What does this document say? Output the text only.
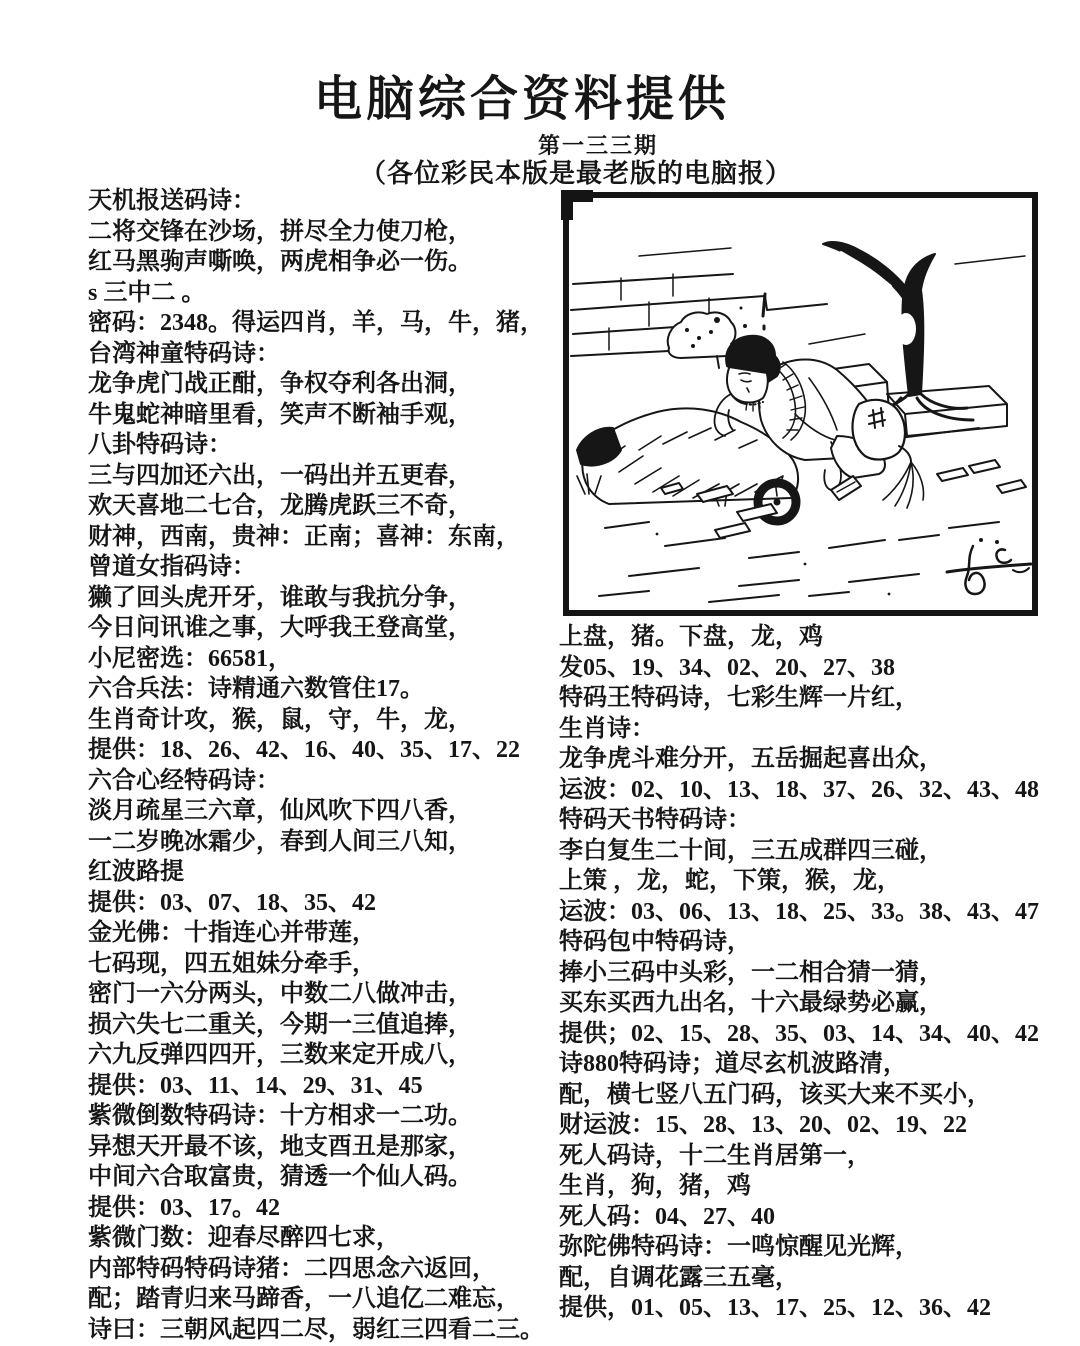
电脑综合资料提供
第一三三期
（各位彩民本版是最老版的电脑报）
天机报送码诗：
二将交锋在沙场，拼尽全力使刀枪，
红马黑驹声嘶唤，两虎相争必一伤。
s 三中二 。
密码：2348。得运四肖，羊，马，牛，猪，
台湾神童特码诗：
龙争虎门战正酣，争权夺利各出洞，
牛鬼蛇神暗里看，笑声不断袖手观，
八卦特码诗：
三与四加还六出，一码出并五更春，
欢天喜地二七合，龙腾虎跃三不奇，
财神，西南，贵神：正南；喜神：东南，
曾道女指码诗：
獭了回头虎开牙，谁敢与我抗分争，
今日问讯谁之事，大呼我王登高堂，
小尼密选：66581，
六合兵法：诗精通六数管住17。
生肖奇计攻，猴，鼠，守，牛，龙，
提供：18、26、42、16、40、35、17、22
六合心经特码诗：
淡月疏星三六章，仙风吹下四八香，
一二岁晚冰霜少，春到人间三八知，
红波路提
提供：03、07、18、35、42
金光佛：十指连心并带莲，
七码现，四五姐妹分牵手，
密门一六分两头，中数二八做冲击，
损六失七二重关，今期一三值追捧，
六九反弹四四开，三数来定开成八，
提供：03、11、14、29、31、45
紫微倒数特码诗：十方相求一二功。
异想天开最不该，地支酉丑是那家，
中间六合取富贵，猜透一个仙人码。
提供：03、17。42
紫微门数：迎春尽醉四七求，
内部特码特码诗猪：二四思念六返回，
配；踏青归来马蹄香，一八追亿二难忘，
诗曰：三朝风起四二尽，弱红三四看二三。
上盘，猪。下盘，龙，鸡
发05、19、34、02、20、27、38
特码王特码诗，七彩生辉一片红，
生肖诗：
龙争虎斗难分开，五岳掘起喜出众，
运波：02、10、13、18、37、26、32、43、48
特码天书特码诗：
李白复生二十间，三五成群四三碰，
上策 ，龙，蛇，下策，猴，龙，
运波：03、06、13、18、25、33。38、43、47
特码包中特码诗，
捧小三码中头彩，一二相合猜一猜，
买东买西九出名，十六最绿势必赢，
提供；02、15、28、35、03、14、34、40、42
诗880特码诗；道尽玄机波路清，
配，横七竖八五门码，该买大来不买小，
财运波：15、28、13、20、02、19、22
死人码诗，十二生肖居第一，
生肖，狗，猪，鸡
死人码：04、27、40
弥陀佛特码诗：一鸣惊醒见光辉，
配，自调花露三五毫，
提供，01、05、13、17、25、12、36、42
